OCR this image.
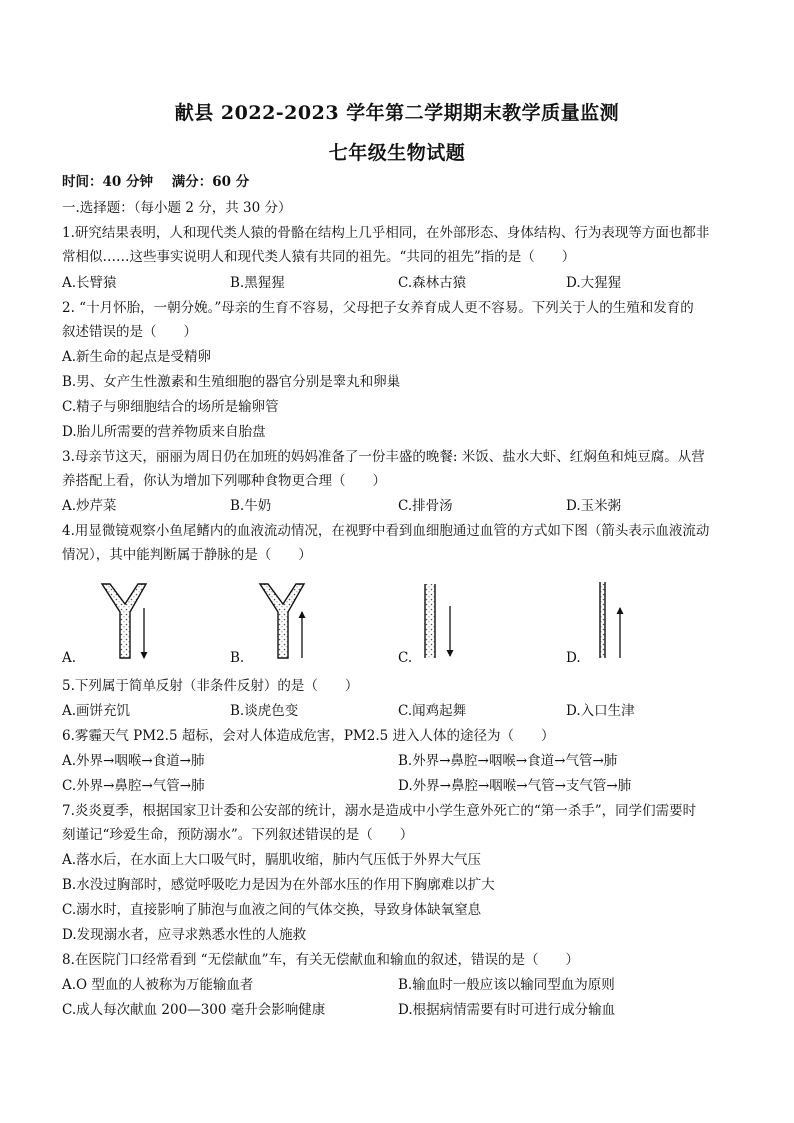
献县 2022-2023 学年第二学期期末教学质量监测
七年级生物试题
时间：40 分钟    满分：60 分
一.选择题：（每小题 2 分，共 30 分）
1.研究结果表明，人和现代类人猿的骨骼在结构上几乎相同，在外部形态、身体结构、行为表现等方面也都非
常相似……这些事实说明人和现代类人猿有共同的祖先。“共同的祖先”指的是（　　）
A.长臂猿	B.黑猩猩	C.森林古猿	D.大猩猩
2. “十月怀胎，一朝分娩。”母亲的生育不容易，父母把子女养育成人更不容易。下列关于人的生殖和发育的
叙述错误的是（　　）
A.新生命的起点是受精卵
B.男、女产生性激素和生殖细胞的器官分别是睾丸和卵巢
C.精子与卵细胞结合的场所是输卵管
D.胎儿所需要的营养物质来自胎盘
3.母亲节这天，丽丽为周日仍在加班的妈妈准备了一份丰盛的晚餐: 米饭、盐水大虾、红焖鱼和炖豆腐。从营
养搭配上看，你认为增加下列哪种食物更合理（　　）
A.炒芹菜	B.牛奶	C.排骨汤	D.玉米粥
4.用显微镜观察小鱼尾鳍内的血液流动情况，在视野中看到血细胞通过血管的方式如下图（箭头表示血液流动
情况），其中能判断属于静脉的是（　　）
A.	B.	C.	D.
5.下列属于简单反射（非条件反射）的是（　　）
A.画饼充饥	B.谈虎色变	C.闻鸡起舞	D.入口生津
6.雾霾天气 PM2.5 超标，会对人体造成危害，PM2.5 进入人体的途径为（　　）
A.外界→咽喉→食道→肺	B.外界→鼻腔→咽喉→食道→气管→肺
C.外界→鼻腔→气管→肺	D.外界→鼻腔→咽喉→气管→支气管→肺
7.炎炎夏季，根据国家卫计委和公安部的统计，溺水是造成中小学生意外死亡的“第一杀手”，同学们需要时
刻谨记“珍爱生命，预防溺水”。下列叙述错误的是（　　）
A.落水后，在水面上大口吸气时，膈肌收缩，肺内气压低于外界大气压
B.水没过胸部时，感觉呼吸吃力是因为在外部水压的作用下胸廓难以扩大
C.溺水时，直接影响了肺泡与血液之间的气体交换，导致身体缺氧窒息
D.发现溺水者，应寻求熟悉水性的人施救
8.在医院门口经常看到 “无偿献血”车，有关无偿献血和输血的叙述，错误的是（　　）
A.O 型血的人被称为万能输血者	B.输血时一般应该以输同型血为原则
C.成人每次献血 200—300 毫升会影响健康	D.根据病情需要有时可进行成分输血
